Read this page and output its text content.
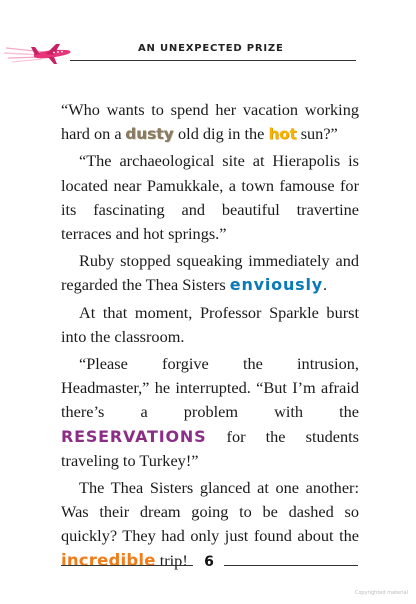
AN UNEXPECTED PRIZE

“Who wants to spend her vacation working hard on a dusty old dig in the hot sun?”

“The archaeological site at Hierapolis is located near Pamukkale, a town famouse for its fascinating and beautiful travertine terraces and hot springs.”

Ruby stopped squeaking immediately and regarded the Thea Sisters enviously.

At that moment, Professor Sparkle burst into the classroom.

“Please forgive the intrusion, Headmaster,” he interrupted. “But I’m afraid there’s a problem with the RESERVATIONS for the students traveling to Turkey!”

The Thea Sisters glanced at one another: Was their dream going to be dashed so quickly? They had only just found about the incredible trip!	6
Copyrighted material
